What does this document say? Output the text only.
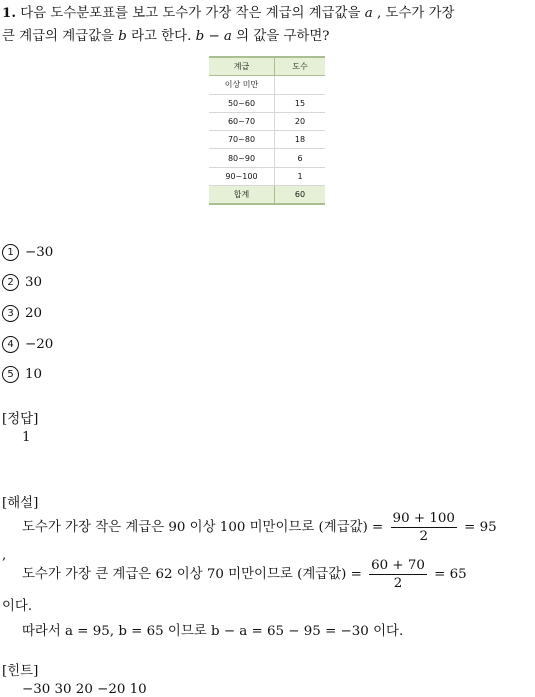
1. 다음 도수분포표를 보고 도수가 가장 작은 계급의 계급값을 a , 도수가 가장
큰 계급의 계급값을 b 라고 한다. b − a 의 값을 구하면?
계급	도수
이상 미만	
50~60	15
60~70	20
70~80	18
80~90	6
90~100	1
합계	60
1 −30
2 30
3 20
4 −20
5 10
[정답]
1
[해설]
도수가 가장 작은 계급은 90 이상 100 미만이므로 (계급값) = $\frac{90 + 100}{2} = 95$
,
도수가 가장 큰 계급은 62 이상 70 미만이므로 (계급값) = $\frac{60 + 70}{2} = 65$
이다.
따라서 a = 95, b = 65 이므로 b − a = 65 − 95 = −30 이다.
[힌트]
−30 30 20 −20 10
